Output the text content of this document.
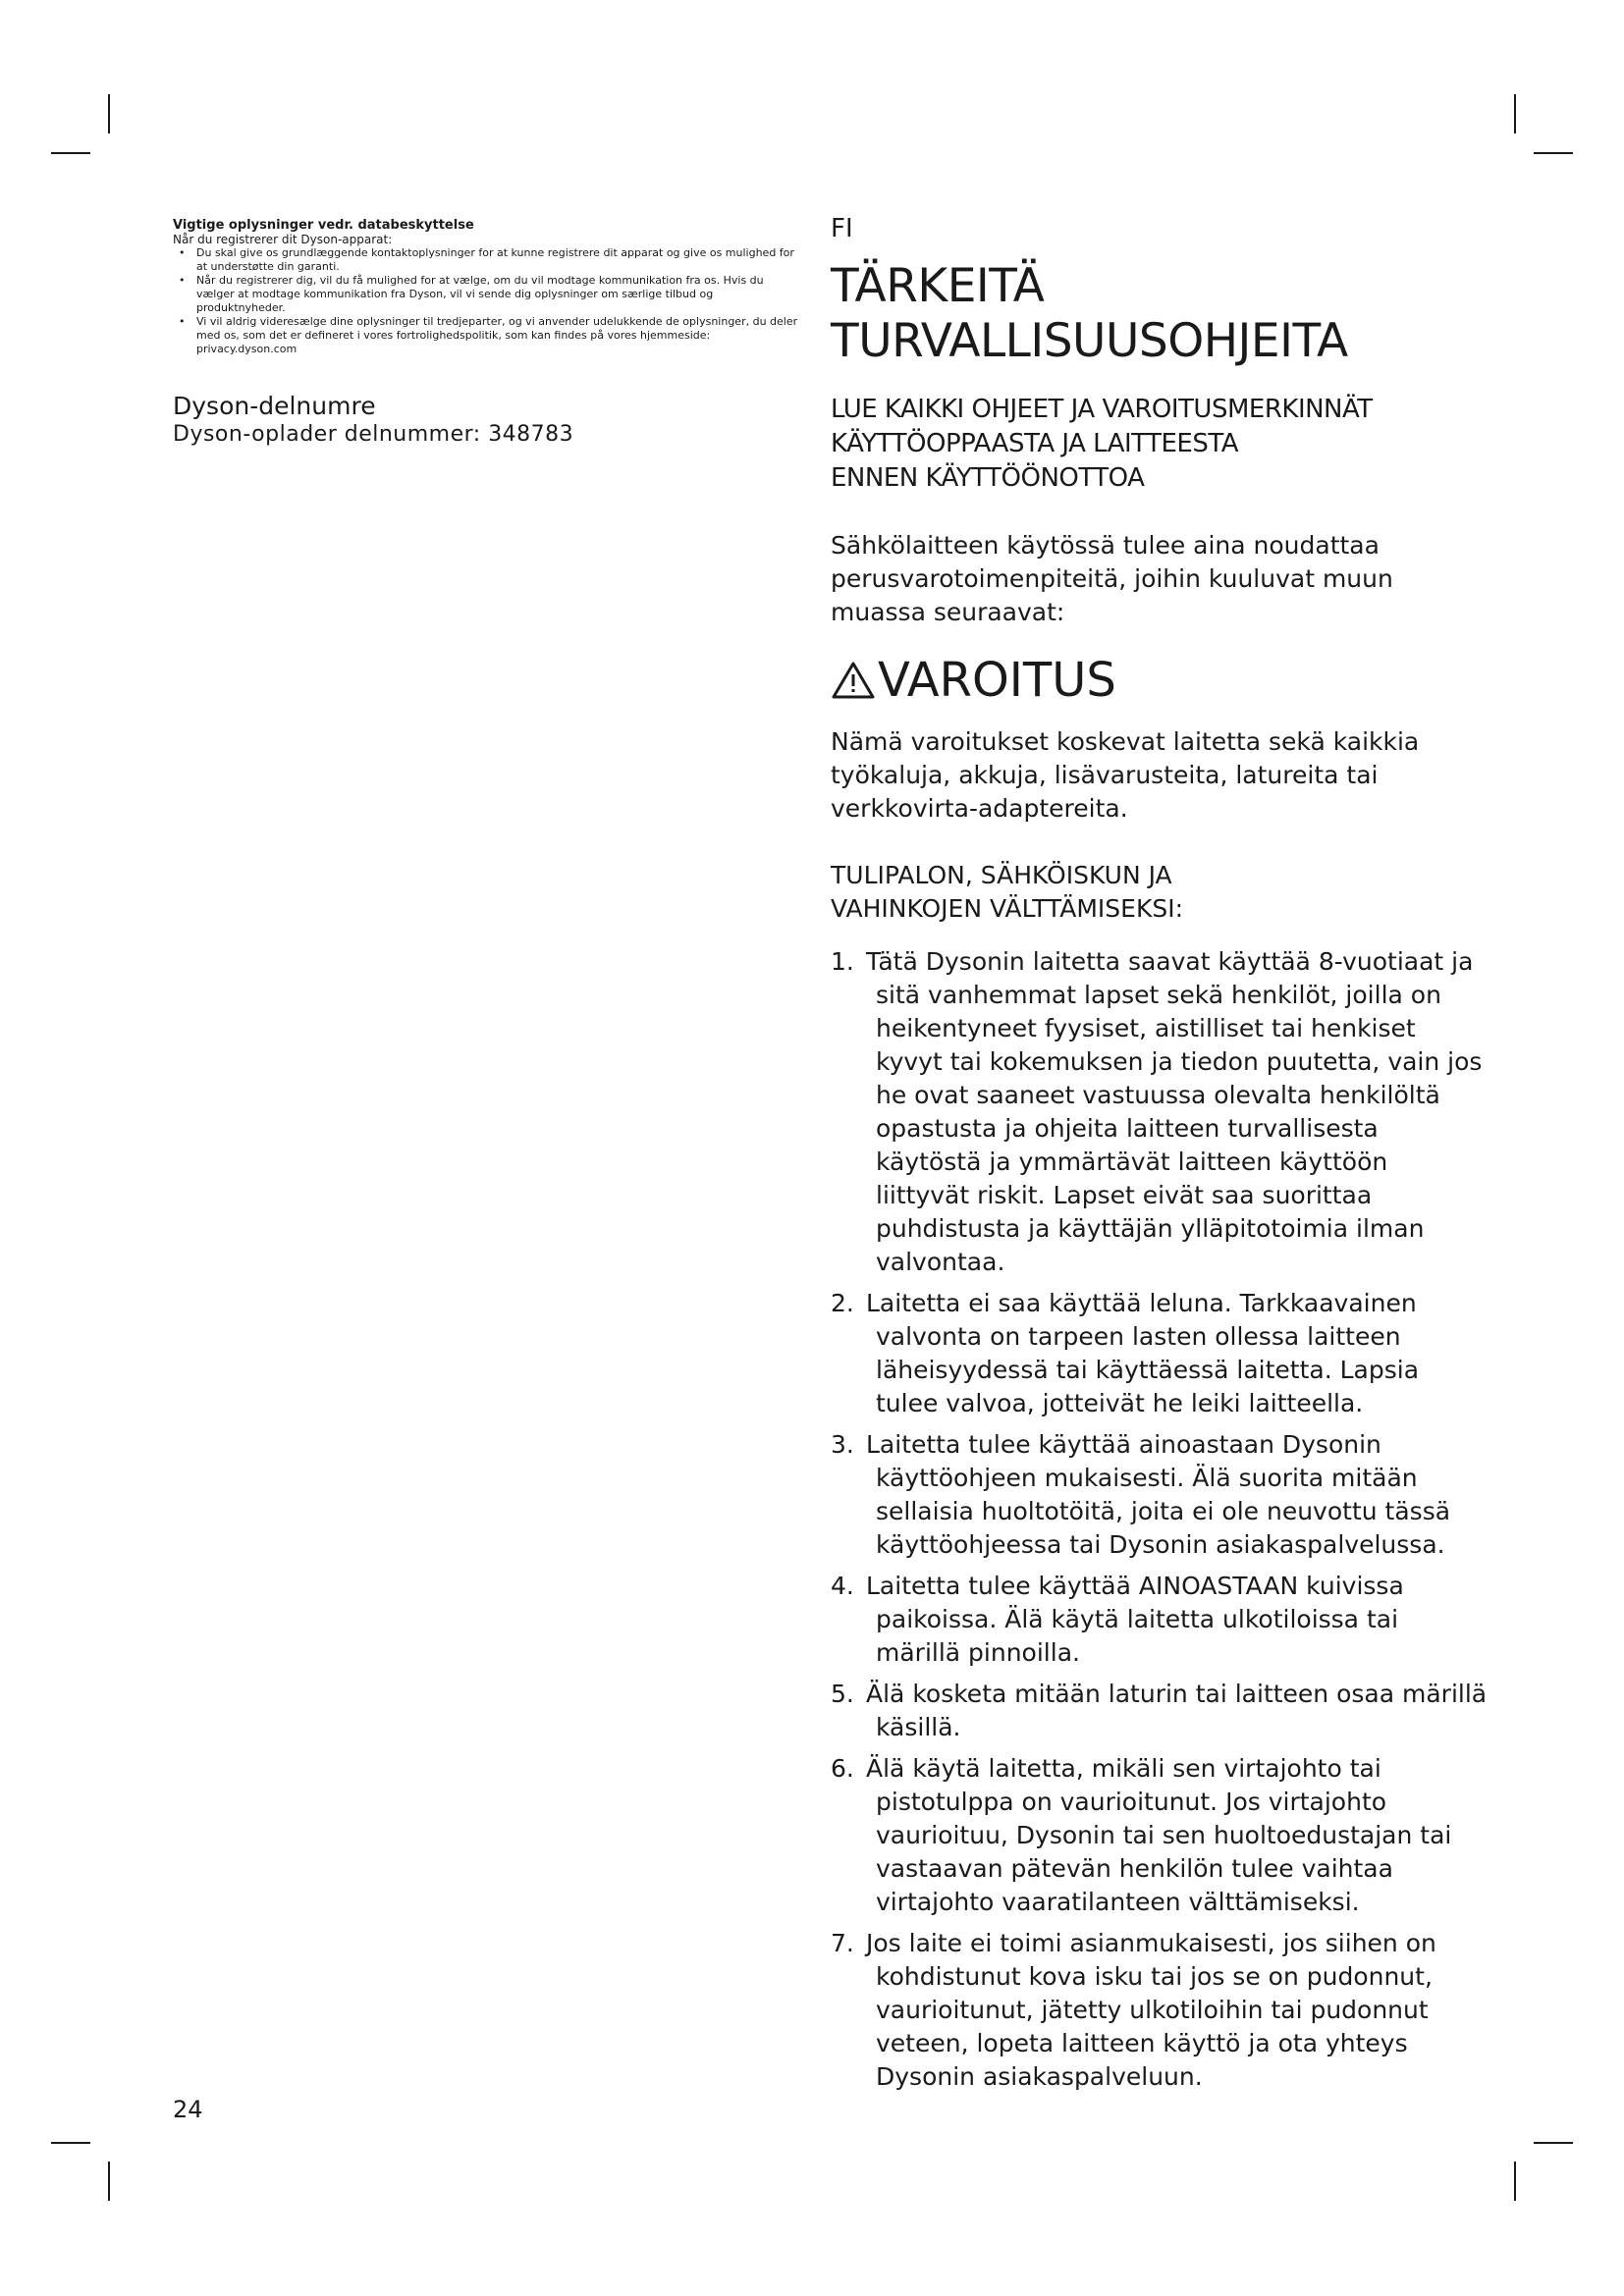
Vigtige oplysninger vedr. databeskyttelse
Når du registrerer dit Dyson-apparat:
• Du skal give os grundlæggende kontaktoplysninger for at kunne registrere dit apparat og give os mulighed for at understøtte din garanti.
• Når du registrerer dig, vil du få mulighed for at vælge, om du vil modtage kommunikation fra os. Hvis du vælger at modtage kommunikation fra Dyson, vil vi sende dig oplysninger om særlige tilbud og produktnyheder.
• Vi vil aldrig videresælge dine oplysninger til tredjeparter, og vi anvender udelukkende de oplysninger, du deler med os, som det er defineret i vores fortrolighedspolitik, som kan findes på vores hjemmeside: privacy.dyson.com
Dyson-delnumre
Dyson-oplader delnummer: 348783
FI
TÄRKEITÄ
TURVALLISUUSOHJEITA
LUE KAIKKI OHJEET JA VAROITUSMERKINNÄT
KÄYTTÖOPPAASTA JA LAITTEESTA
ENNEN KÄYTTÖÖNOTTOA
Sähkölaitteen käytössä tulee aina noudattaa perusvarotoimenpiteitä, joihin kuuluvat muun muassa seuraavat:
VAROITUS
Nämä varoitukset koskevat laitetta sekä kaikkia työkaluja, akkuja, lisävarusteita, latureita tai verkkovirta-adaptereita.
TULIPALON, SÄHKÖISKUN JA
VAHINKOJEN VÄLTTÄMISEKSI:
1. Tätä Dysonin laitetta saavat käyttää 8-vuotiaat ja sitä vanhemmat lapset sekä henkilöt, joilla on heikentyneet fyysiset, aistilliset tai henkiset kyvyt tai kokemuksen ja tiedon puutetta, vain jos he ovat saaneet vastuussa olevalta henkilöltä opastusta ja ohjeita laitteen turvallisesta käytöstä ja ymmärtävät laitteen käyttöön liittyvät riskit. Lapset eivät saa suorittaa puhdistusta ja käyttäjän ylläpitotoimia ilman valvontaa.
2. Laitetta ei saa käyttää leluna. Tarkkaavainen valvonta on tarpeen lasten ollessa laitteen läheisyydessä tai käyttäessä laitetta. Lapsia tulee valvoa, jotteivät he leiki laitteella.
3. Laitetta tulee käyttää ainoastaan Dysonin käyttöohjeen mukaisesti. Älä suorita mitään sellaisia huoltotöitä, joita ei ole neuvottu tässä käyttöohjeessa tai Dysonin asiakaspalvelussa.
4. Laitetta tulee käyttää AINOASTAAN kuivissa paikoissa. Älä käytä laitetta ulkotiloissa tai märillä pinnoilla.
5. Älä kosketa mitään laturin tai laitteen osaa märillä käsillä.
6. Älä käytä laitetta, mikäli sen virtajohto tai pistotulppa on vaurioitunut. Jos virtajohto vaurioituu, Dysonin tai sen huoltoedustajan tai vastaavan pätevän henkilön tulee vaihtaa virtajohto vaaratilanteen välttämiseksi.
7. Jos laite ei toimi asianmukaisesti, jos siihen on kohdistunut kova isku tai jos se on pudonnut, vaurioitunut, jätetty ulkotiloihin tai pudonnut veteen, lopeta laitteen käyttö ja ota yhteys Dysonin asiakaspalveluun.
24
